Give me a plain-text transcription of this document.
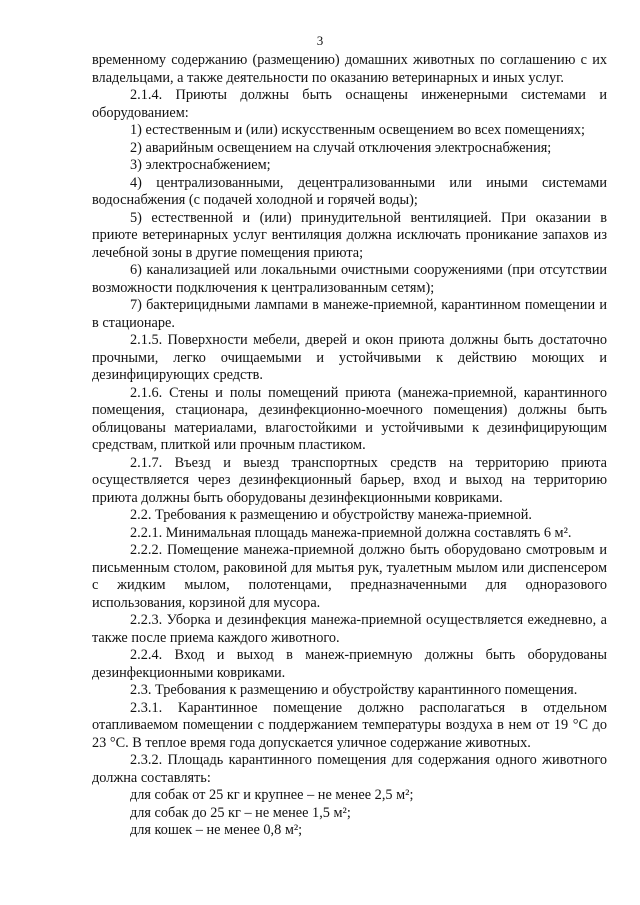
3

временному содержанию (размещению) домашних животных по соглашению с их владельцами, а также деятельности по оказанию ветеринарных и иных услуг.

2.1.4. Приюты должны быть оснащены инженерными системами и оборудованием:

1) естественным и (или) искусственным освещением во всех помещениях;

2) аварийным освещением на случай отключения электроснабжения;

3) электроснабжением;

4) централизованными, децентрализованными или иными системами водоснабжения (с подачей холодной и горячей воды);

5) естественной и (или) принудительной вентиляцией. При оказании в приюте ветеринарных услуг вентиляция должна исключать проникание запахов из лечебной зоны в другие помещения приюта;

6) канализацией или локальными очистными сооружениями (при отсутствии возможности подключения к централизованным сетям);

7) бактерицидными лампами в манеже-приемной, карантинном помещении и в стационаре.

2.1.5. Поверхности мебели, дверей и окон приюта должны быть достаточно прочными, легко очищаемыми и устойчивыми к действию моющих и дезинфицирующих средств.

2.1.6. Стены и полы помещений приюта (манежа-приемной, карантинного помещения, стационара, дезинфекционно-моечного помещения) должны быть облицованы материалами, влагостойкими и устойчивыми к дезинфицирующим средствам, плиткой или прочным пластиком.

2.1.7. Въезд и выезд транспортных средств на территорию приюта осуществляется через дезинфекционный барьер, вход и выход на территорию приюта должны быть оборудованы дезинфекционными ковриками.

2.2. Требования к размещению и обустройству манежа-приемной.

2.2.1. Минимальная площадь манежа-приемной должна составлять 6 м².

2.2.2. Помещение манежа-приемной должно быть оборудовано смотровым и письменным столом, раковиной для мытья рук, туалетным мылом или диспенсером с жидким мылом, полотенцами, предназначенными для одноразового использования, корзиной для мусора.

2.2.3. Уборка и дезинфекция манежа-приемной осуществляется ежедневно, а также после приема каждого животного.

2.2.4. Вход и выход в манеж-приемную должны быть оборудованы дезинфекционными ковриками.

2.3. Требования к размещению и обустройству карантинного помещения.

2.3.1. Карантинное помещение должно располагаться в отдельном отапливаемом помещении с поддержанием температуры воздуха в нем от 19 °С до 23 °С. В теплое время года допускается уличное содержание животных.

2.3.2. Площадь карантинного помещения для содержания одного животного должна составлять:

для собак от 25 кг и крупнее – не менее 2,5 м²;

для собак до 25 кг – не менее 1,5 м²;

для кошек – не менее 0,8 м²;
